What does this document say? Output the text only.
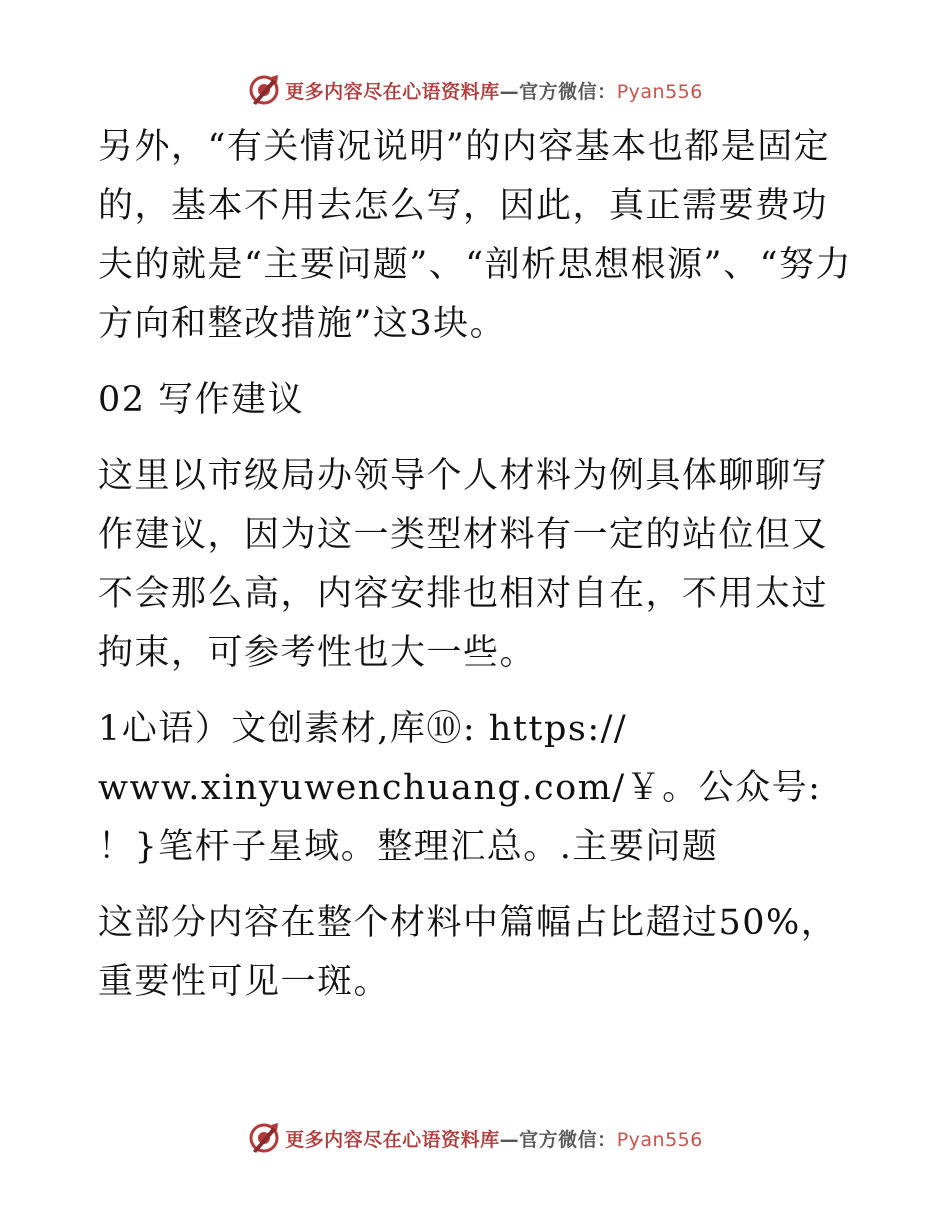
更多内容尽在心语资料库—官方微信：Pyan556

另外，“有关情况说明”的内容基本也都是固定的，基本不用去怎么写，因此，真正需要费功夫的就是“主要问题”、“剖析思想根源”、“努力方向和整改措施”这3块。

02 写作建议

这里以市级局办领导个人材料为例具体聊聊写作建议，因为这一类型材料有一定的站位但又不会那么高，内容安排也相对自在，不用太过拘束，可参考性也大一些。

1心语）文创素材,库⑩: https:// www.xinyuwenchuang.com/￥。公众号: ！}笔杆子星域。整理汇总。.主要问题

这部分内容在整个材料中篇幅占比超过50%，重要性可见一斑。

更多内容尽在心语资料库—官方微信：Pyan556
